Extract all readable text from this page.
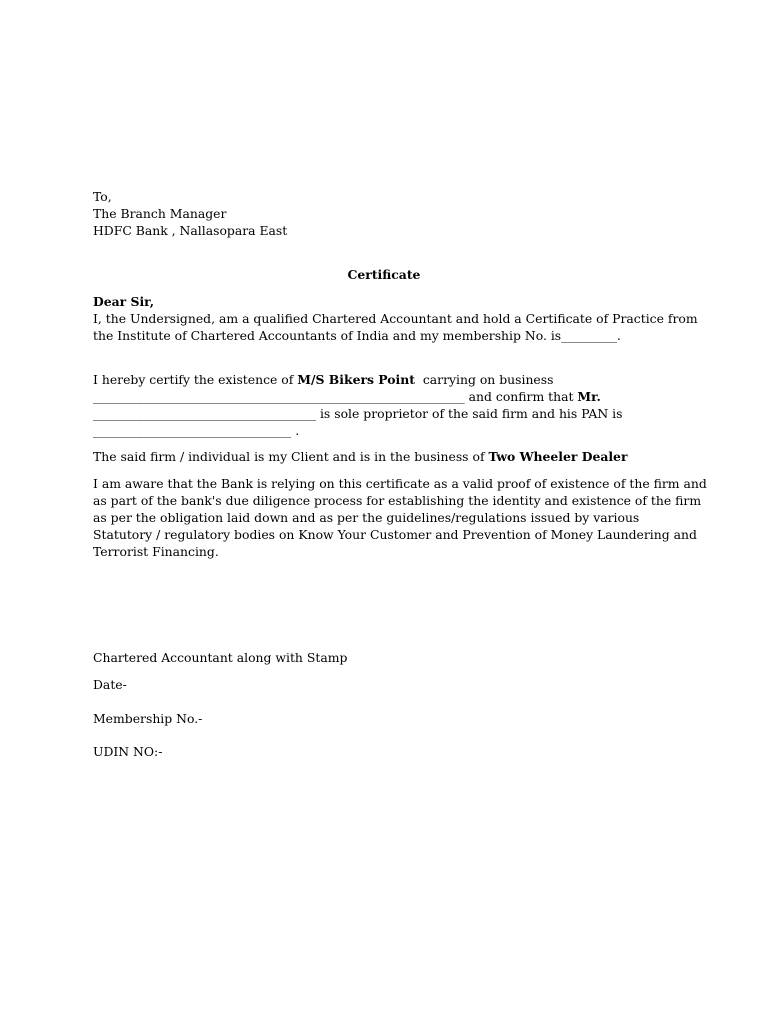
To,
The Branch Manager
HDFC Bank , Nallasopara East
Certificate
Dear Sir,
I, the Undersigned, am a qualified Chartered Accountant and hold a Certificate of Practice from
the Institute of Chartered Accountants of India and my membership No. is_________.
I hereby certify the existence of M/S Bikers Point  carrying on business
____________________________________________________________ and confirm that Mr.
____________________________________ is sole proprietor of the said firm and his PAN is
________________________________ .
The said firm / individual is my Client and is in the business of Two Wheeler Dealer
I am aware that the Bank is relying on this certificate as a valid proof of existence of the firm and
as part of the bank's due diligence process for establishing the identity and existence of the firm
as per the obligation laid down and as per the guidelines/regulations issued by various
Statutory / regulatory bodies on Know Your Customer and Prevention of Money Laundering and
Terrorist Financing.
Chartered Accountant along with Stamp
Date-
Membership No.-
UDIN NO:-
